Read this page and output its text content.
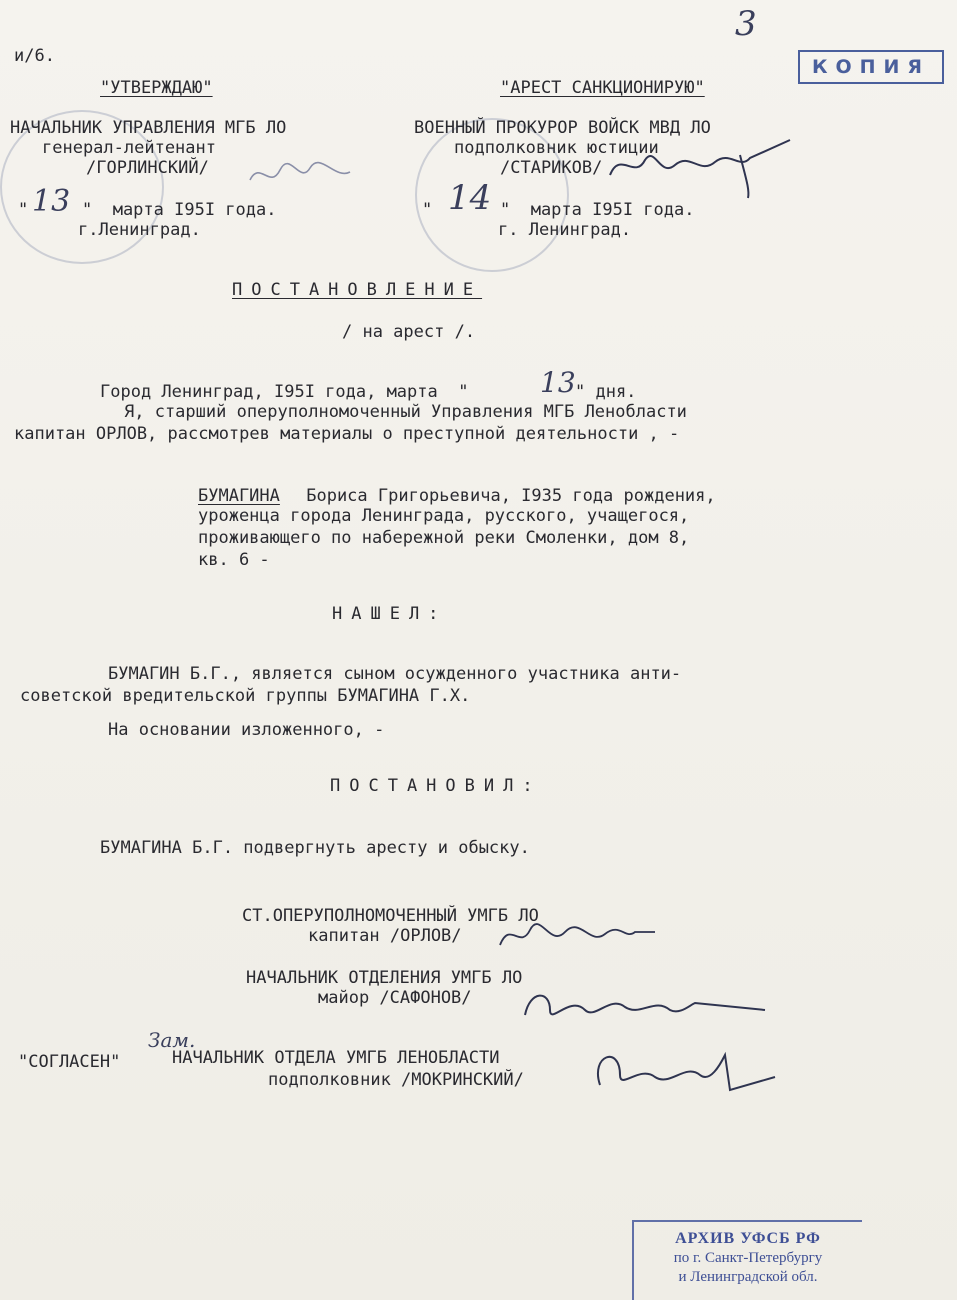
и/6.
3
КОПИЯ
"УТВЕРЖДАЮ"
НАЧАЛЬНИК УПРАВЛЕНИЯ МГБ ЛО
генерал-лейтенант
/ГОРЛИНСКИЙ/
" 13 "  марта I95I года.
г.Ленинград.
"АРЕСТ САНКЦИОНИРУЮ"
ВОЕННЫЙ ПРОКУРОР ВОЙСК МВД ЛО
подполковник юстиции
/СТАРИКОВ/
" 14 "  марта I95I года.
г. Ленинград.
ПОСТАНОВЛЕНИЕ
/ на арест /.
Город Ленинград, I95I года, марта  "	13 " дня.
Я, старший оперуполномоченный Управления МГБ Ленобласти
капитан ОРЛОВ, рассмотрев материалы о преступной деятельности , -
БУМАГИНА Бориса Григорьевича, I935 года рождения,
уроженца города Ленинграда, русского, учащегося,
проживающего по набережной реки Смоленки, дом 8,
кв. 6 -
НАШЕЛ:
БУМАГИН Б.Г., является сыном осужденного участника анти-
советской вредительской группы БУМАГИНА Г.Х.
На основании изложенного, -
ПОСТАНОВИЛ:
БУМАГИНА Б.Г. подвергнуть аресту и обыску.
СТ.ОПЕРУПОЛНОМОЧЕННЫЙ УМГБ ЛО
капитан /ОРЛОВ/
НАЧАЛЬНИК ОТДЕЛЕНИЯ УМГБ ЛО
майор /САФОНОВ/
"СОГЛАСЕН"
Зам.
НАЧАЛЬНИК ОТДЕЛА УМГБ ЛЕНОБЛАСТИ
подполковник /МОКРИНСКИЙ/
АРХИВ УФСБ РФ
по г. Санкт-Петербургу
и Ленинградской обл.
